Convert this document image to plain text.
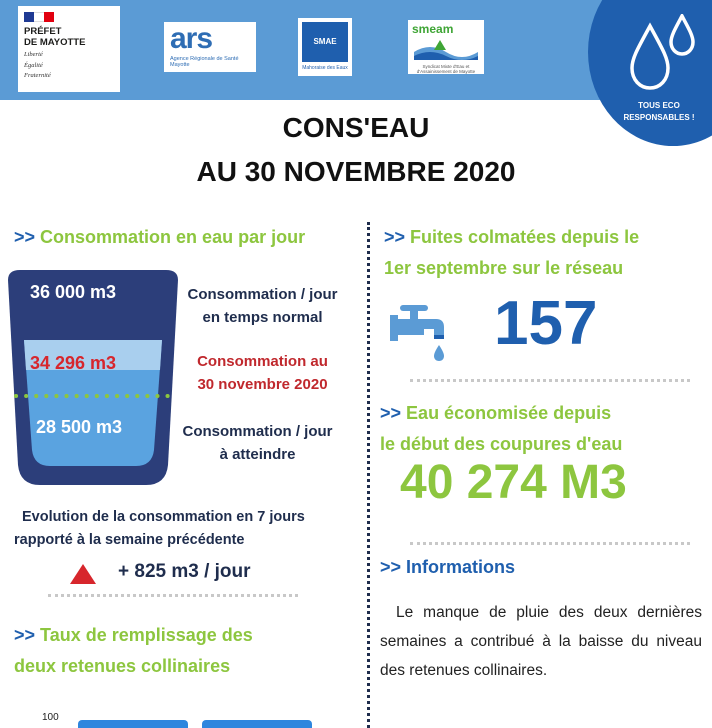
PRÉFET
DE MAYOTTE
Liberté
Égalité
Fraternité
ars
Agence Régionale de Santé Mayotte
SMAE
Mahoraise des Eaux
smeam
Syndicat Mixte d'Eau et d'Assainissement de Mayotte
TOUS ECO
RESPONSABLES !
CONS'EAU
AU 30 NOVEMBRE 2020
>> Consommation en eau par jour
36 000 m3
34 296 m3
28 500 m3
Consommation / jour
en temps normal
Consommation au
30 novembre 2020
Consommation / jour
à atteindre
Evolution de la consommation en 7 jours
rapporté à la semaine précédente
+ 825 m3 / jour
>> Taux de remplissage des
deux retenues collinaires
100
>> Fuites colmatées depuis le
1er septembre sur le réseau
157
>> Eau économisée depuis
le début des coupures d'eau
40 274 M3
>> Informations
Le manque de pluie des deux dernières semaines a contribué à la baisse du niveau des retenues collinaires.
